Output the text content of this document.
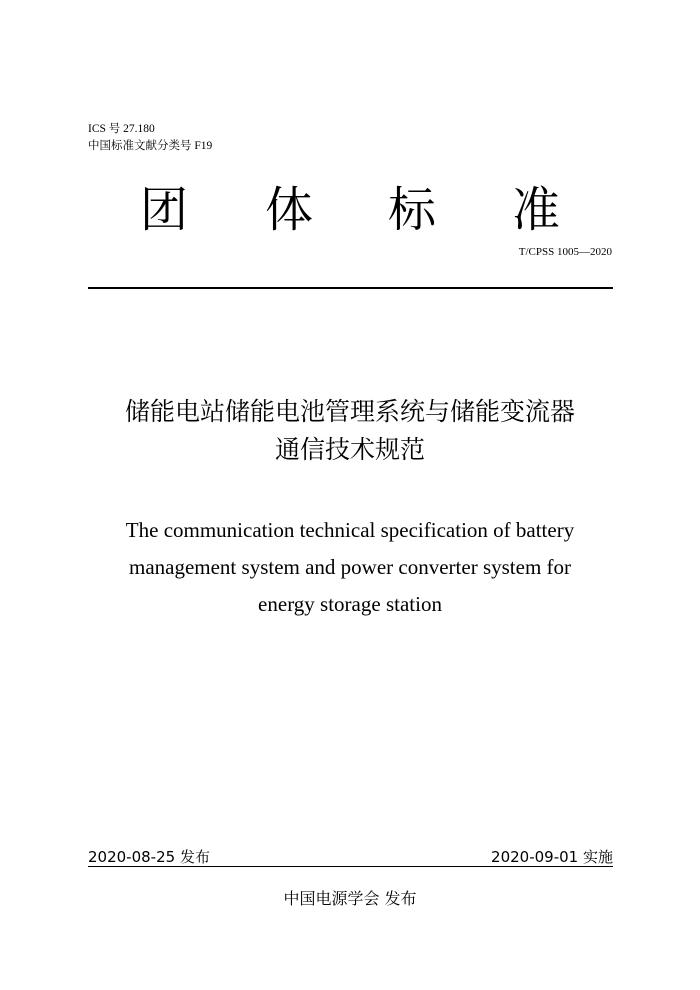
ICS 号 27.180
中国标准文献分类号 F19
团 体 标 准
T/CPSS 1005—2020
储能电站储能电池管理系统与储能变流器
通信技术规范
The communication technical specification of battery
management system and power converter system for
energy storage station
2020-08-25 发布	2020-09-01 实施
中国电源学会 发布
